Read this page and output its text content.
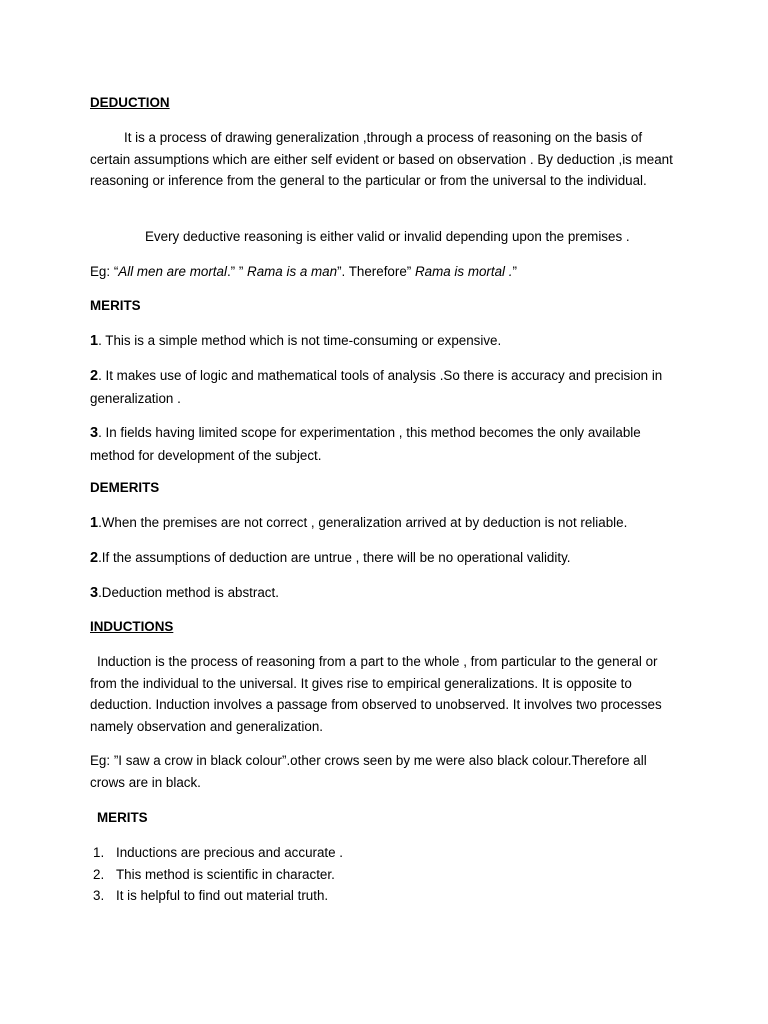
DEDUCTION

It is a process of drawing generalization ,through a process of reasoning on the basis of certain assumptions which are either self evident or based on observation . By deduction ,is meant reasoning or inference from the general to the particular or from the universal to the individual.

Every deductive reasoning is either valid or invalid depending upon the premises .

Eg: “All men are mortal.” ” Rama is a man”. Therefore” Rama is mortal .”

MERITS

1. This is a simple method which is not time-consuming or expensive.

2. It makes use of logic and mathematical tools of analysis .So there is accuracy and precision in generalization .

3. In fields having limited scope for experimentation , this method becomes the only available method for development of the subject.

DEMERITS

1.When the premises are not correct , generalization arrived at by deduction is not reliable.

2.If the assumptions of deduction are untrue , there will be no operational validity.

3.Deduction method is abstract.

INDUCTIONS

Induction is the process of reasoning from a part to the whole , from particular to the general or from the individual to the universal. It gives rise to empirical generalizations. It is opposite to deduction. Induction involves a passage from observed to unobserved. It involves two processes namely observation and generalization.

Eg: ”I saw a crow in black colour”.other crows seen by me were also black colour.Therefore all crows are in black.

MERITS
1. Inductions are precious and accurate .
2. This method is scientific in character.
3. It is helpful to find out material truth.
